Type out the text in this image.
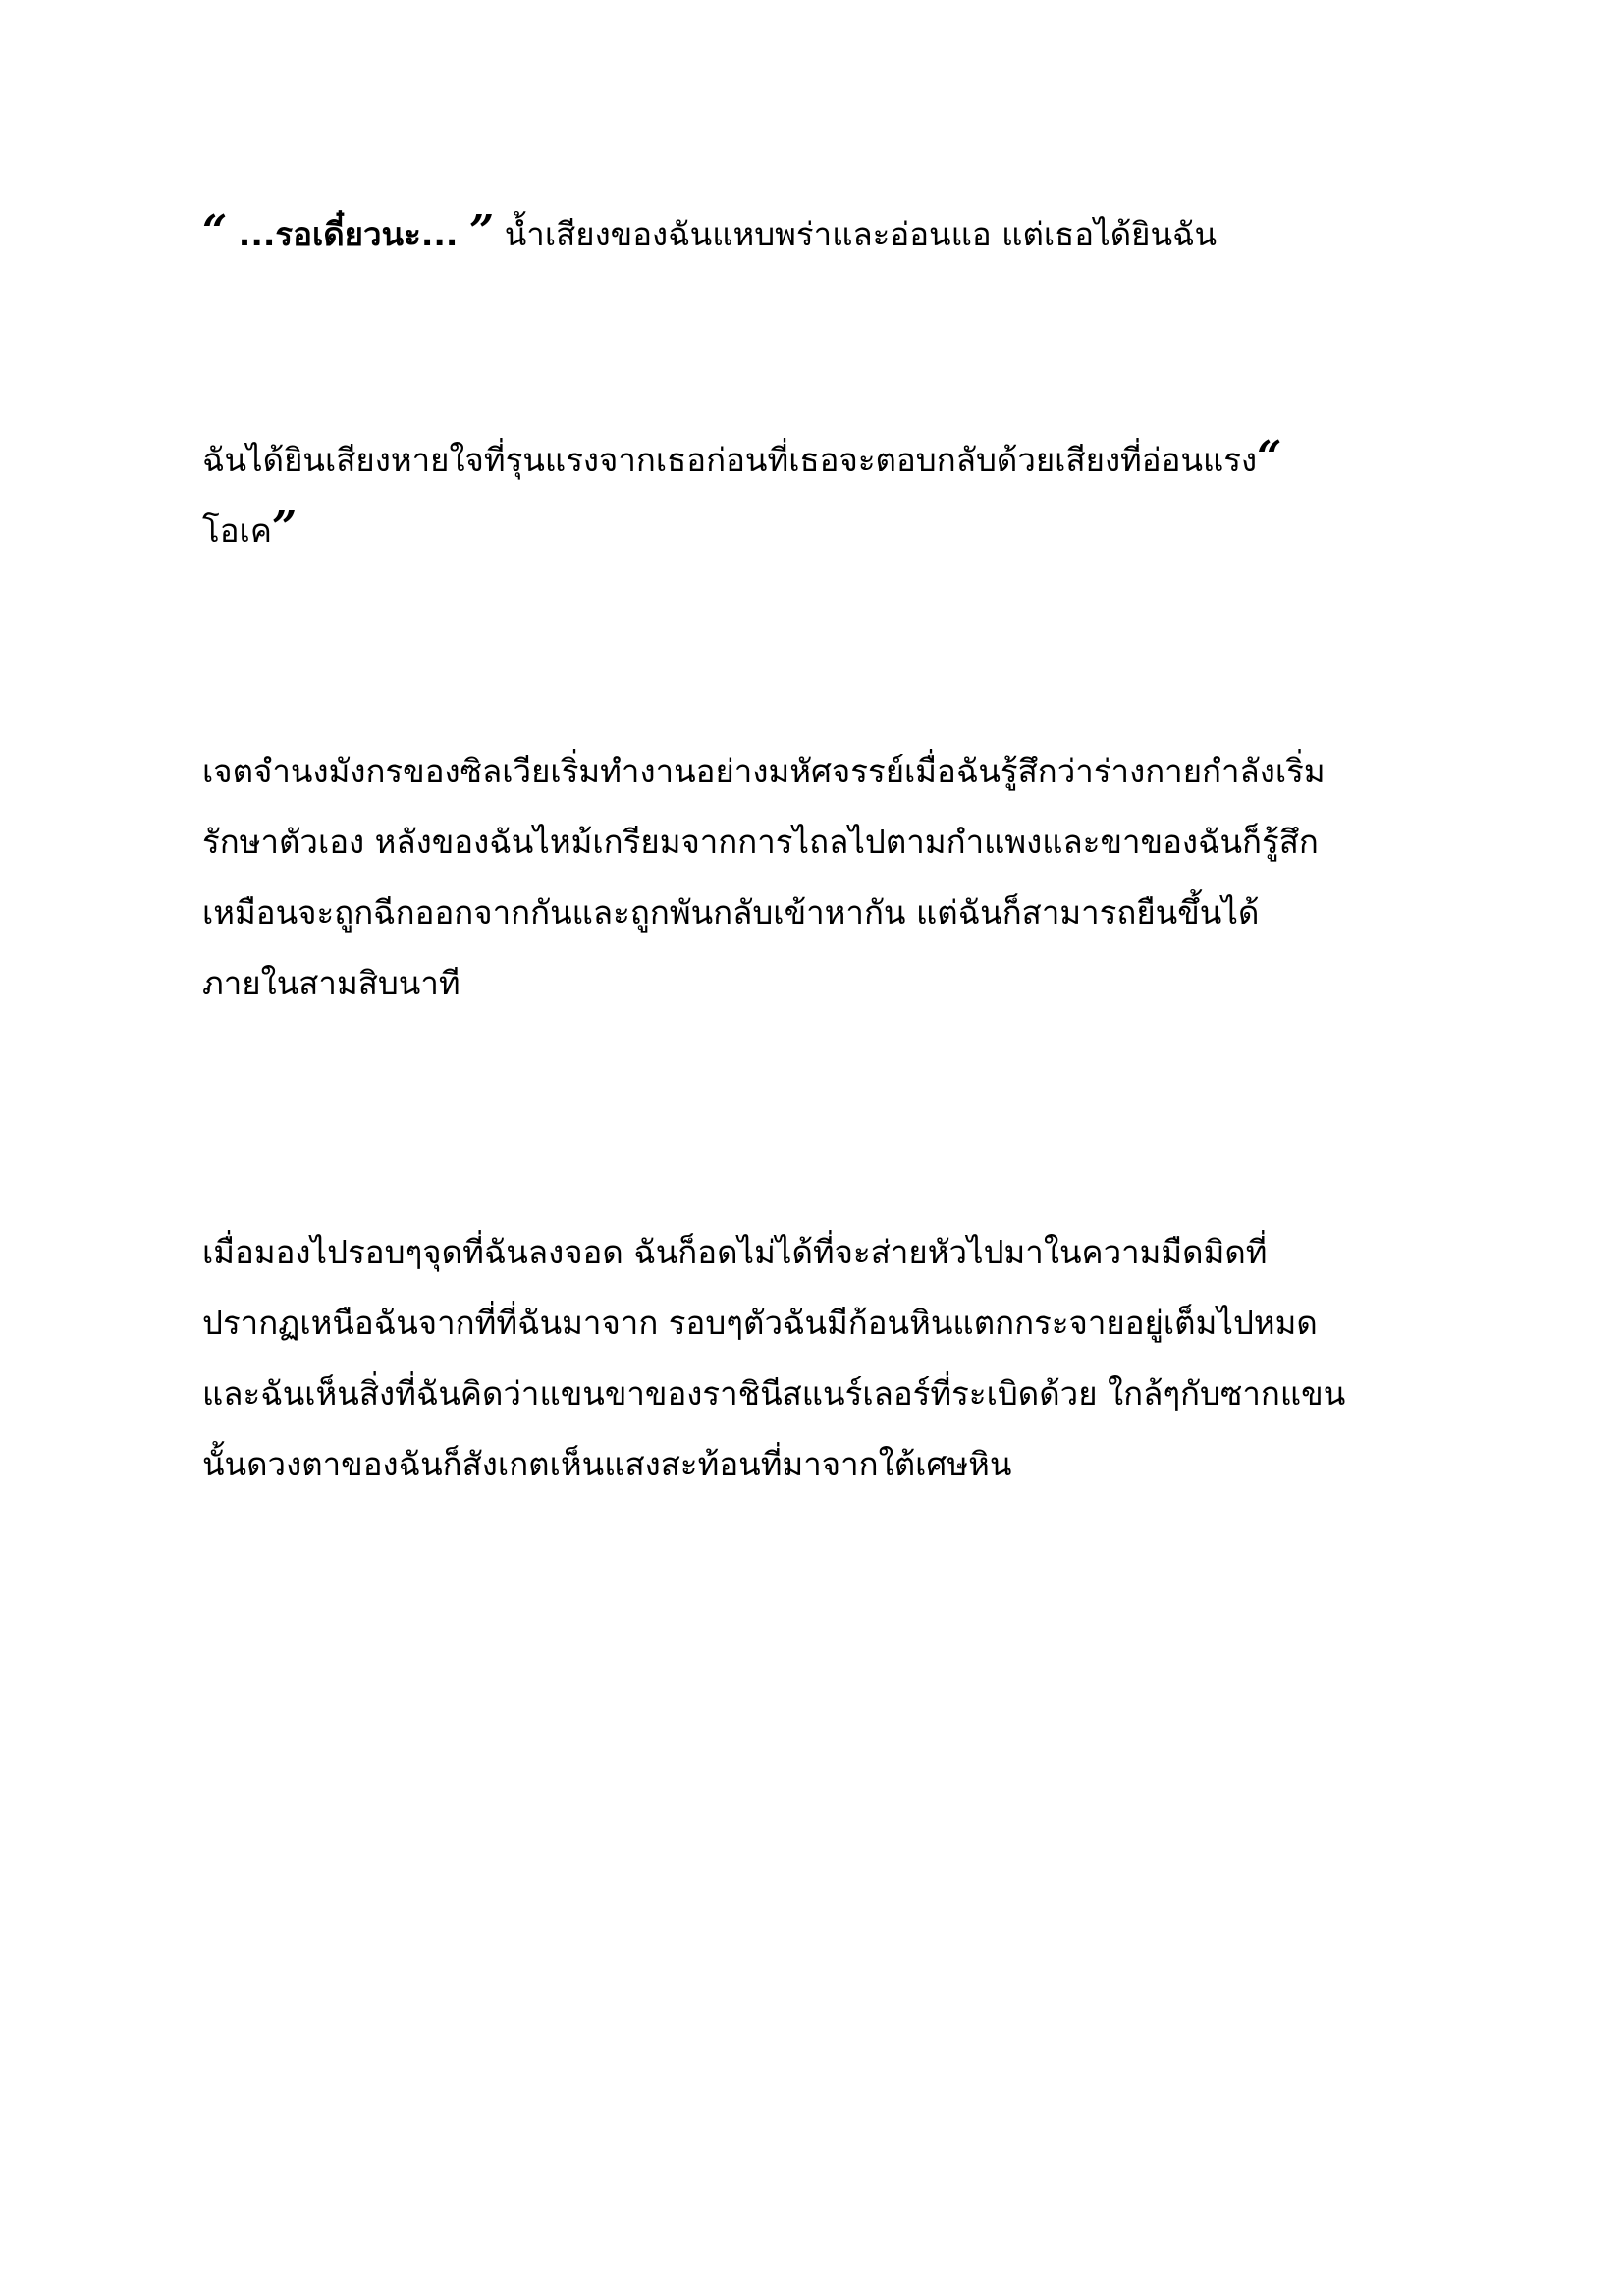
“ ...รอเดี๋ยวนะ... ” น้ำเสียงของฉันแหบพร่าและอ่อนแอ แต่เธอได้ยินฉัน
ฉันได้ยินเสียงหายใจที่รุนแรงจากเธอก่อนที่เธอจะตอบกลับด้วยเสียงที่อ่อนแรง“
โอเค”
เจตจำนงมังกรของซิลเวียเริ่มทำงานอย่างมหัศจรรย์เมื่อฉันรู้สึกว่าร่างกายกำลังเริ่ม
รักษาตัวเอง หลังของฉันไหม้เกรียมจากการไถลไปตามกำแพงและขาของฉันก็รู้สึก
เหมือนจะถูกฉีกออกจากกันและถูกพันกลับเข้าหากัน แต่ฉันก็สามารถยืนขึ้นได้
ภายในสามสิบนาที
เมื่อมองไปรอบๆจุดที่ฉันลงจอด ฉันก็อดไม่ได้ที่จะส่ายหัวไปมาในความมืดมิดที่
ปรากฏเหนือฉันจากที่ที่ฉันมาจาก รอบๆตัวฉันมีก้อนหินแตกกระจายอยู่เต็มไปหมด
และฉันเห็นสิ่งที่ฉันคิดว่าแขนขาของราชินีสแนร์เลอร์ที่ระเบิดด้วย ใกล้ๆกับซากแขน
นั้นดวงตาของฉันก็สังเกตเห็นแสงสะท้อนที่มาจากใต้เศษหิน
